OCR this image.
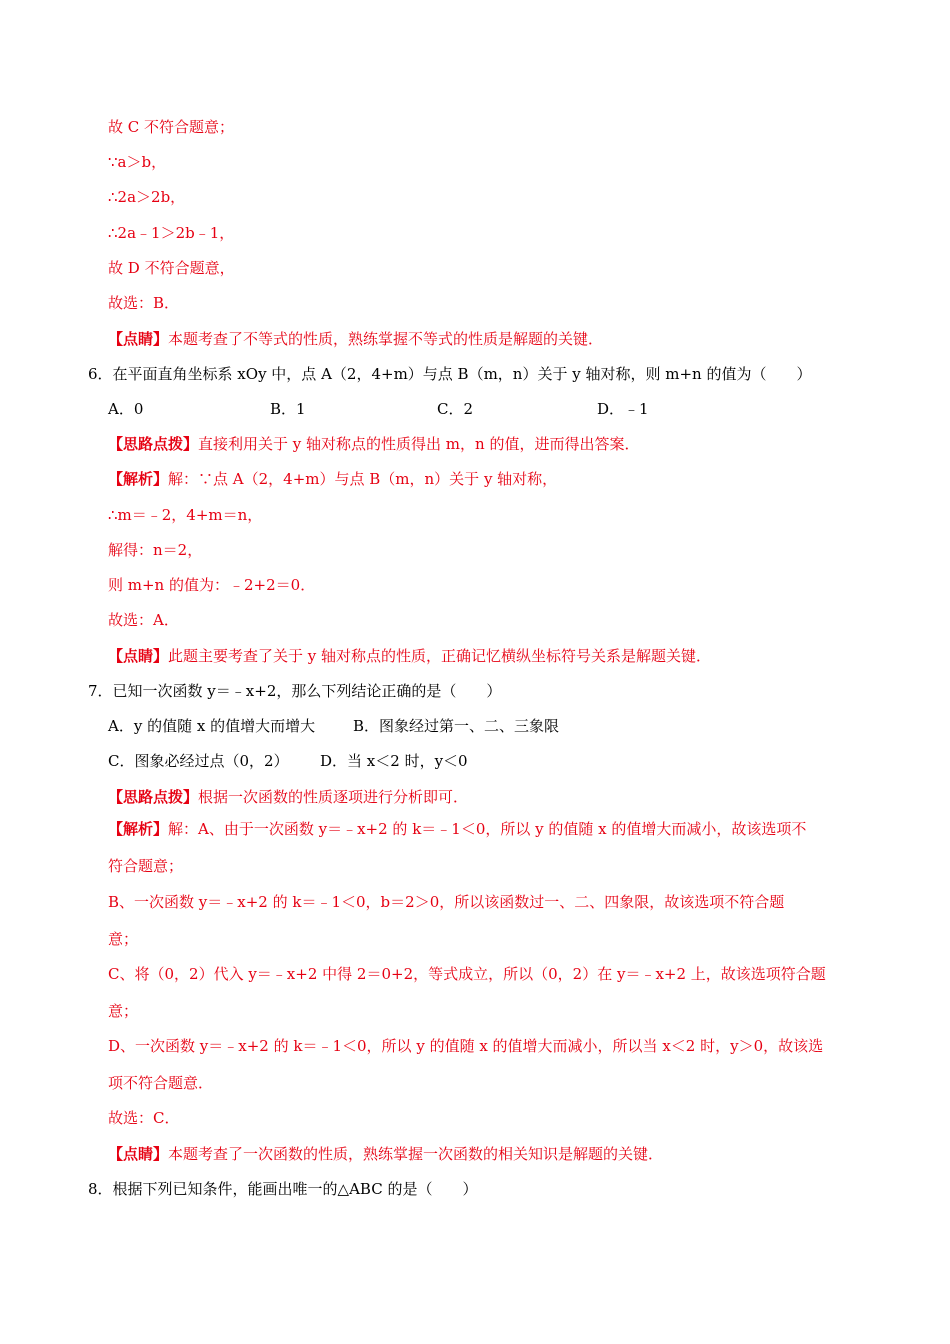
故 C 不符合题意；
∵a＞b，
∴2a＞2b，
∴2a﹣1＞2b﹣1，
故 D 不符合题意，
故选：B．
【点睛】本题考查了不等式的性质，熟练掌握不等式的性质是解题的关键．
6．在平面直角坐标系 xOy 中，点 A（2，4+m）与点 B（m，n）关于 y 轴对称，则 m+n 的值为（　　）
A．0	B．1	C．2	D．﹣1
【思路点拨】直接利用关于 y 轴对称点的性质得出 m，n 的值，进而得出答案．
【解析】解：∵点 A（2，4+m）与点 B（m，n）关于 y 轴对称，
∴m＝﹣2，4+m＝n，
解得：n＝2，
则 m+n 的值为：﹣2+2＝0．
故选：A．
【点睛】此题主要考查了关于 y 轴对称点的性质，正确记忆横纵坐标符号关系是解题关键．
7．已知一次函数 y＝﹣x+2，那么下列结论正确的是（　　）
A．y 的值随 x 的值增大而增大	B．图象经过第一、二、三象限
C．图象必经过点（0，2） D．当 x＜2 时，y＜0
【思路点拨】根据一次函数的性质逐项进行分析即可．
【解析】解：A、由于一次函数 y＝﹣x+2 的 k＝﹣1＜0，所以 y 的值随 x 的值增大而减小，故该选项不
符合题意；
B、一次函数 y＝﹣x+2 的 k＝﹣1＜0，b＝2＞0，所以该函数过一、二、四象限，故该选项不符合题
意；
C、将（0，2）代入 y＝﹣x+2 中得 2＝0+2，等式成立，所以（0，2）在 y＝﹣x+2 上，故该选项符合题
意；
D、一次函数 y＝﹣x+2 的 k＝﹣1＜0，所以 y 的值随 x 的值增大而减小，所以当 x＜2 时，y＞0，故该选
项不符合题意．
故选：C．
【点睛】本题考查了一次函数的性质，熟练掌握一次函数的相关知识是解题的关键．
8．根据下列已知条件，能画出唯一的△ABC 的是（　　）
